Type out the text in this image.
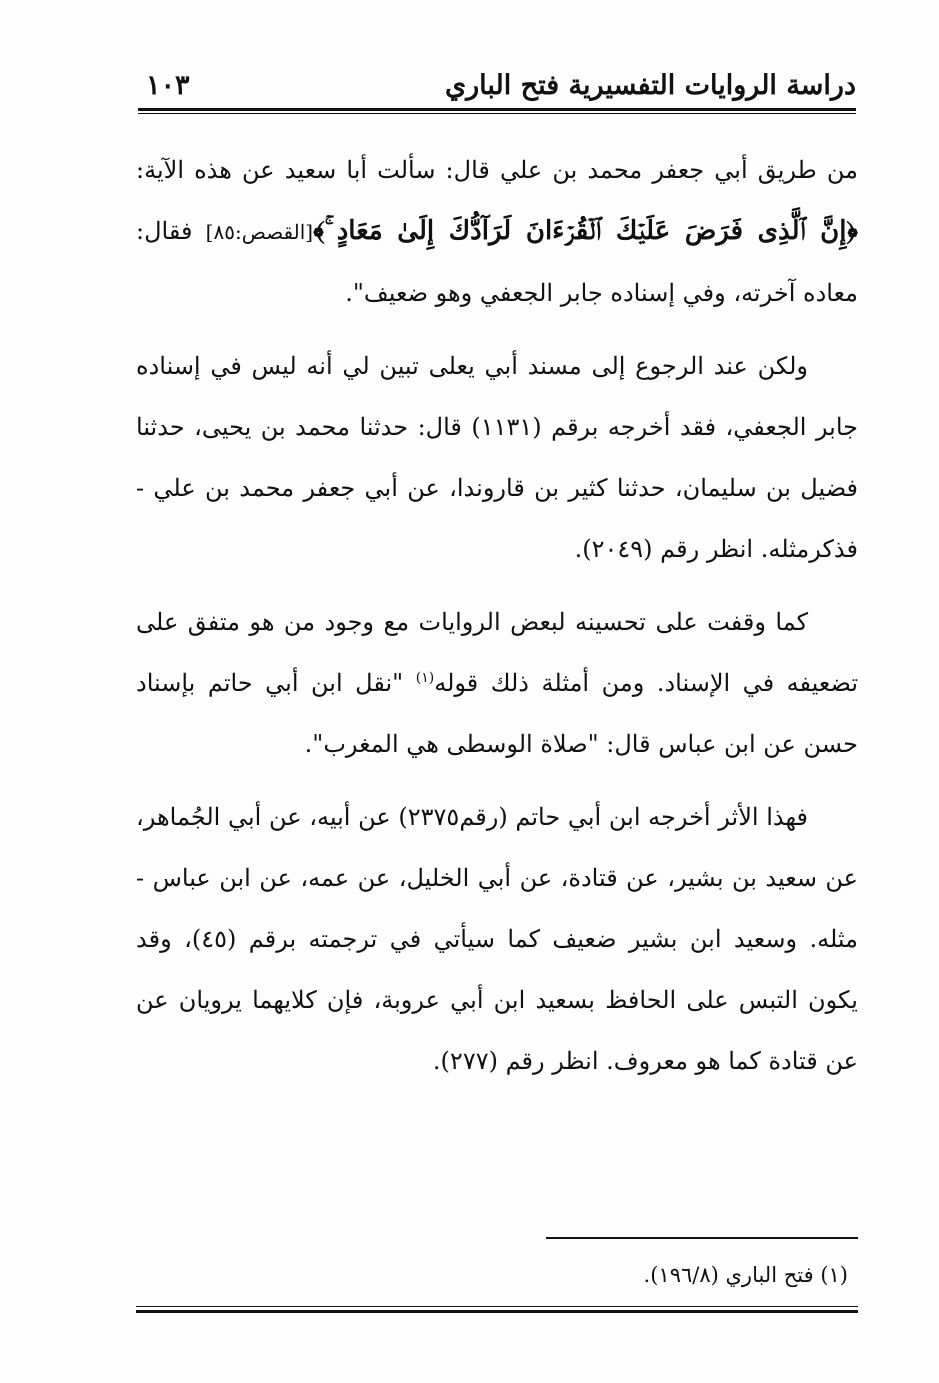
دراسة الروايات التفسيرية فتح الباري
١٠٣

من طريق أبي جعفر محمد بن علي قال: سألت أبا سعيد عن هذه الآية: ﴿إِنَّ ٱلَّذِى فَرَضَ عَلَيۡكَ ٱلۡقُرۡءَانَ لَرَآدُّكَ إِلَىٰ مَعَادٍ ۚ﴾[القصص:٨٥] فقال: معاده آخرته، وفي إسناده جابر الجعفي وهو ضعيف".

ولكن عند الرجوع إلى مسند أبي يعلى تبين لي أنه ليس في إسناده جابر الجعفي، فقد أخرجه برقم (١١٣١) قال: حدثنا محمد بن يحيى، حدثنا فضيل بن سليمان، حدثنا كثير بن قاروندا، عن أبي جعفر محمد بن علي - فذكرمثله. انظر رقم (٢٠٤٩).

كما وقفت على تحسينه لبعض الروايات مع وجود من هو متفق على تضعيفه في الإسناد. ومن أمثلة ذلك قوله$^{(١)}$ "نقل ابن أبي حاتم بإسناد حسن عن ابن عباس قال: "صلاة الوسطى هي المغرب".

فهذا الأثر أخرجه ابن أبي حاتم (رقم٢٣٧٥) عن أبيه، عن أبي الجُماهر، عن سعيد بن بشير، عن قتادة، عن أبي الخليل، عن عمه، عن ابن عباس - مثله. وسعيد ابن بشير ضعيف كما سيأتي في ترجمته برقم (٤٥)، وقد يكون التبس على الحافظ بسعيد ابن أبي عروبة، فإن كلايهما يرويان عن عن قتادة كما هو معروف. انظر رقم (٢٧٧).

(١) فتح الباري (١٩٦/٨).
